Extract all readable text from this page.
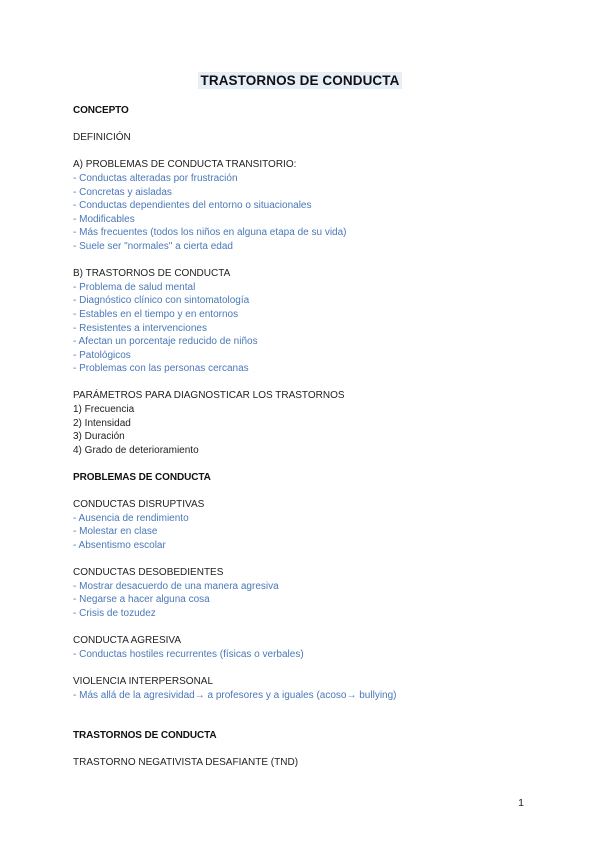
TRASTORNOS DE CONDUCTA
CONCEPTO
DEFINICIÓN
A) PROBLEMAS DE CONDUCTA TRANSITORIO:
- Conductas alteradas por frustración
- Concretas y aisladas
- Conductas dependientes del entorno o situacionales
- Modificables
- Más frecuentes (todos los niños en alguna etapa de su vida)
- Suele ser "normales" a cierta edad
B) TRASTORNOS DE CONDUCTA
- Problema de salud mental
- Diagnóstico clínico con sintomatología
- Estables en el tiempo y en entornos
- Resistentes a intervenciones
- Afectan un porcentaje reducido de niños
- Patológicos
- Problemas con las personas cercanas
PARÁMETROS PARA DIAGNOSTICAR LOS TRASTORNOS
1) Frecuencia
2) Intensidad
3) Duración
4) Grado de deterioramiento
PROBLEMAS DE CONDUCTA
CONDUCTAS DISRUPTIVAS
- Ausencia de rendimiento
- Molestar en clase
- Absentismo escolar
CONDUCTAS DESOBEDIENTES
- Mostrar desacuerdo de una manera agresiva
- Negarse a hacer alguna cosa
- Crisis de tozudez
CONDUCTA AGRESIVA
- Conductas hostiles recurrentes (físicas o verbales)
VIOLENCIA INTERPERSONAL
- Más allá de la agresividad→ a profesores y a iguales (acoso→ bullying)
TRASTORNOS DE CONDUCTA
TRASTORNO NEGATIVISTA DESAFIANTE (TND)
1
